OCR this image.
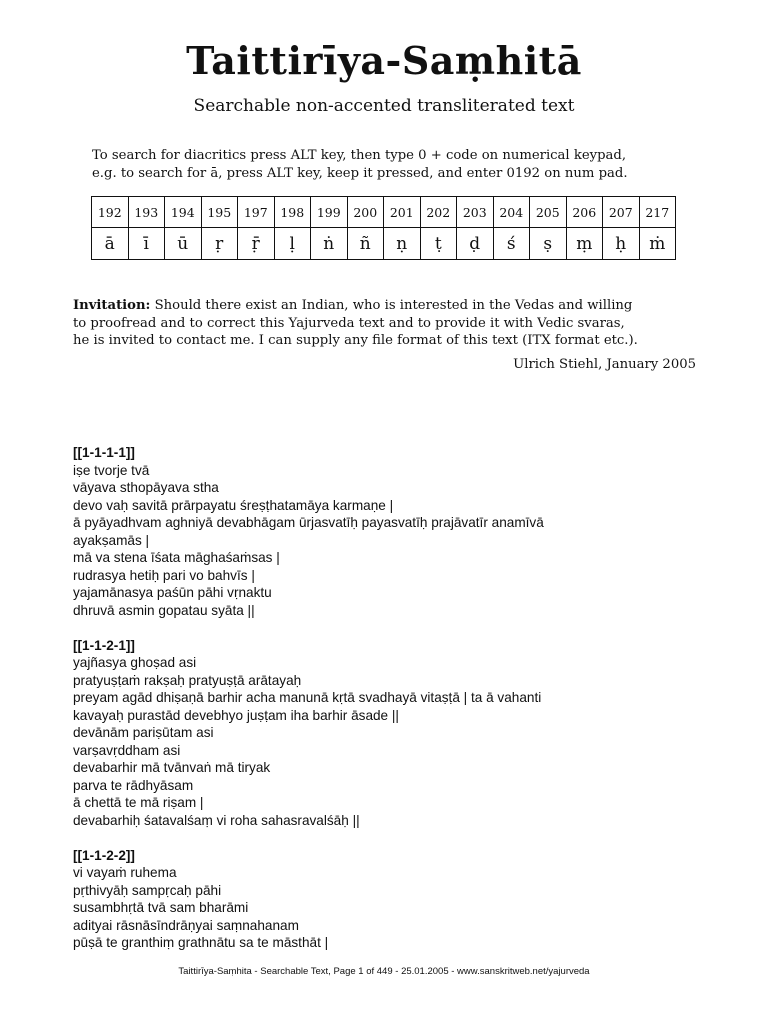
Taittirīya-Saṃhitā
Searchable non-accented transliterated text
To search for diacritics press ALT key, then type 0 + code on numerical keypad,
e.g. to search for ā, press ALT key, keep it pressed, and enter 0192 on num pad.
192	193	194	195	197	198	199	200	201	202	203	204	205	206	207	217
ā	ī	ū	ṛ	ṝ	ḷ	ṅ	ñ	ṇ	ṭ	ḍ	ś	ṣ	ṃ	ḥ	ṁ
Invitation: Should there exist an Indian, who is interested in the Vedas and willing
to proofread and to correct this Yajurveda text and to provide it with Vedic svaras,
he is invited to contact me. I can supply any file format of this text (ITX format etc.).
Ulrich Stiehl, January 2005
[[1-1-1-1]]
iṣe tvorje tvā
vāyava sthopāyava stha
devo vaḥ savitā prārpayatu śreṣṭhatamāya karmaṇe |
ā pyāyadhvam aghniyā devabhāgam ūrjasvatīḥ payasvatīḥ prajāvatīr anamīvā
ayakṣamās |
mā va stena īśata māghaśaṁsas |
rudrasya hetiḥ pari vo bahvīs |
yajamānasya paśūn pāhi vṛnaktu
dhruvā asmin gopatau syāta ||
[[1-1-2-1]]
yajñasya ghoṣad asi
pratyuṣṭaṁ rakṣaḥ pratyuṣṭā arātayaḥ
preyam agād dhiṣaṇā barhir acha manunā kṛtā svadhayā vitaṣṭā | ta ā vahanti
kavayaḥ purastād devebhyo juṣṭam iha barhir āsade ||
devānām pariṣūtam asi
varṣavṛddham asi
devabarhir mā tvānvaṅ mā tiryak
parva te rādhyāsam
ā chettā te mā riṣam |
devabarhiḥ śatavalśaṃ vi roha sahasravalśāḥ ||
[[1-1-2-2]]
vi vayaṁ ruhema
pṛthivyāḥ sampṛcaḥ pāhi
susambhṛtā tvā sam bharāmi
adityai rāsnāsīndrāṇyai saṃnahanam
pūṣā te granthiṃ grathnātu sa te māsthāt |
Taittirīya-Saṃhita - Searchable Text, Page 1 of 449 - 25.01.2005 - www.sanskritweb.net/yajurveda
